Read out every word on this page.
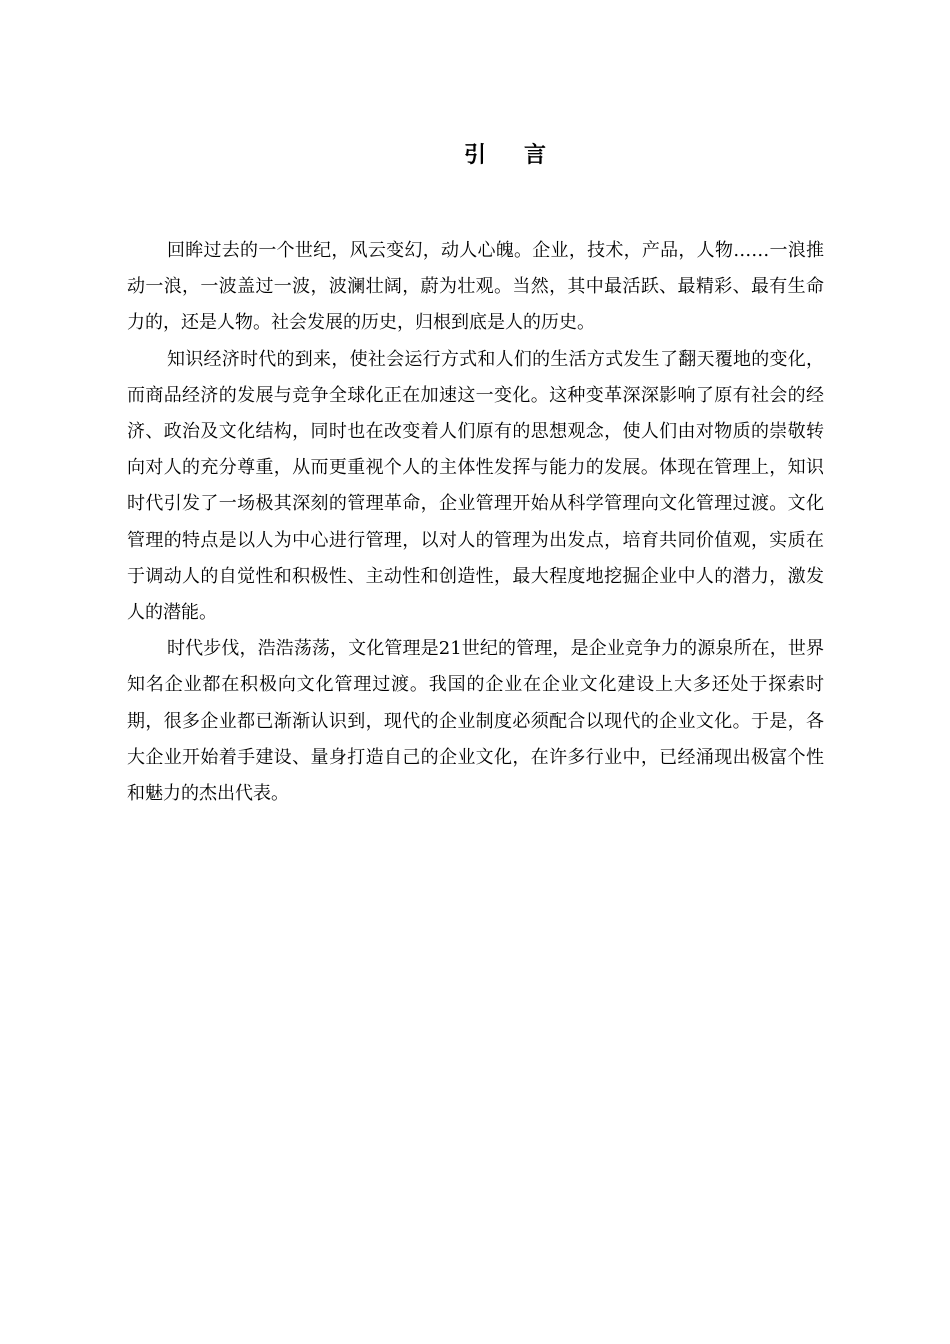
引 言

回眸过去的一个世纪，风云变幻，动人心魄。企业，技术，产品，人物……一浪推动一浪，一波盖过一波，波澜壮阔，蔚为壮观。当然，其中最活跃、最精彩、最有生命力的，还是人物。社会发展的历史，归根到底是人的历史。

知识经济时代的到来，使社会运行方式和人们的生活方式发生了翻天覆地的变化，而商品经济的发展与竞争全球化正在加速这一变化。这种变革深深影响了原有社会的经济、政治及文化结构，同时也在改变着人们原有的思想观念，使人们由对物质的崇敬转向对人的充分尊重，从而更重视个人的主体性发挥与能力的发展。体现在管理上，知识时代引发了一场极其深刻的管理革命，企业管理开始从科学管理向文化管理过渡。文化管理的特点是以人为中心进行管理，以对人的管理为出发点，培育共同价值观，实质在于调动人的自觉性和积极性、主动性和创造性，最大程度地挖掘企业中人的潜力，激发人的潜能。

时代步伐，浩浩荡荡，文化管理是21世纪的管理，是企业竞争力的源泉所在，世界知名企业都在积极向文化管理过渡。我国的企业在企业文化建设上大多还处于探索时期，很多企业都已渐渐认识到，现代的企业制度必须配合以现代的企业文化。于是，各大企业开始着手建设、量身打造自己的企业文化，在许多行业中，已经涌现出极富个性和魅力的杰出代表。
